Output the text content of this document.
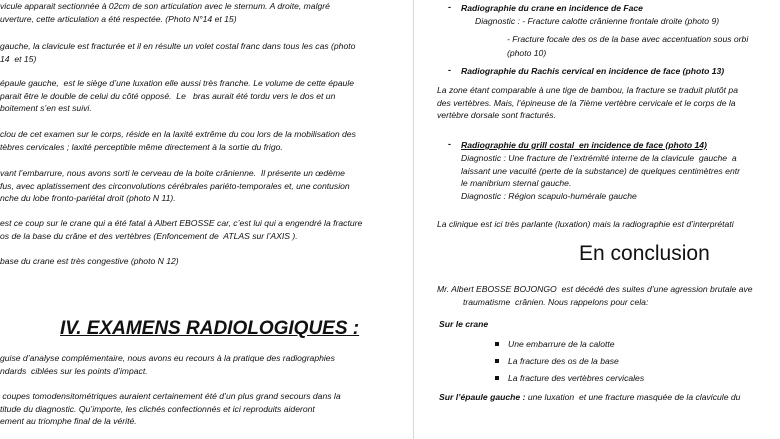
vicule apparait sectionnée à 02cm de son articulation avec le sternum. A droite, malgré
uverture, cette articulation a été respectée. (Photo N°14 et 15)

gauche, la clavicule est fracturée et il en résulte un volet costal franc dans tous les cas (photo
14  et 15)

épaule gauche,  est le siège d’une luxation elle aussi très franche. Le volume de cette épaule
parait être le double de celui du côté opposé.  Le   bras aurait été tordu vers le dos et un
boitement s’en est suivi.

clou de cet examen sur le corps, réside en la laxité extrême du cou lors de la mobilisation des
tèbres cervicales ; laxité perceptible même directement à la sortie du frigo.

vant l’embarrure, nous avons sorti le cerveau de la boite crânienne.  Il présente un œdème
fus, avec aplatissement des circonvolutions cérébrales pariéto-temporales et, une contusion
nche du lobe fronto-pariétal droit (photo N 11).

est ce coup sur le crane qui a été fatal à Albert EBOSSE car, c’est lui qui a engendré la fracture
os de la base du crâne et des vertèbres (Enfoncement de  ATLAS sur l’AXIS ).

base du crane est très congestive (photo N 12)

IV. EXAMENS RADIOLOGIQUES :

guise d’analyse complémentaire, nous avons eu recours à la pratique des radiographies
ndards  ciblées sur les points d’impact.

coupes tomodensitométriques auraient certainement été d’un plus grand secours dans la
titude du diagnostic. Qu’importe, les clichés confectionnés et ici reproduits aideront
ement au triomphe final de la vérité.

- Radiographie du crane en incidence de Face

Diagnostic : - Fracture calotte crânienne frontale droite (photo 9)

- Fracture focale des os de la base avec accentuation sous orbi

(photo 10)

- Radiographie du Rachis cervical en incidence de face (photo 13)

La zone étant comparable à une tige de bambou, la fracture se traduit plutôt pa
des vertèbres. Mais, l’épineuse de la 7ième vertèbre cervicale et le corps de la
vertèbre dorsale sont fracturés.

- Radiographie du grill costal  en incidence de face (photo 14)

Diagnostic : Une fracture de l’extrémité interne de la clavicule  gauche  a
laissant une vacuité (perte de la substance) de quelques centimètres entr
le manibrium sternal gauche.
Diagnostic : Région scapulo-humérale gauche

La clinique est ici très parlante (luxation) mais la radiographie est d’interprétati

En conclusion

Mr. Albert EBOSSE BOJONGO  est décédé des suites d’une agression brutale ave
traumatisme  crânien. Nous rappelons pour cela:

Sur le crane

Une embarrure de la calotte

La fracture des os de la base

La fracture des vertèbres cervicales

Sur l’épaule gauche : une luxation  et une fracture masquée de la clavicule du
